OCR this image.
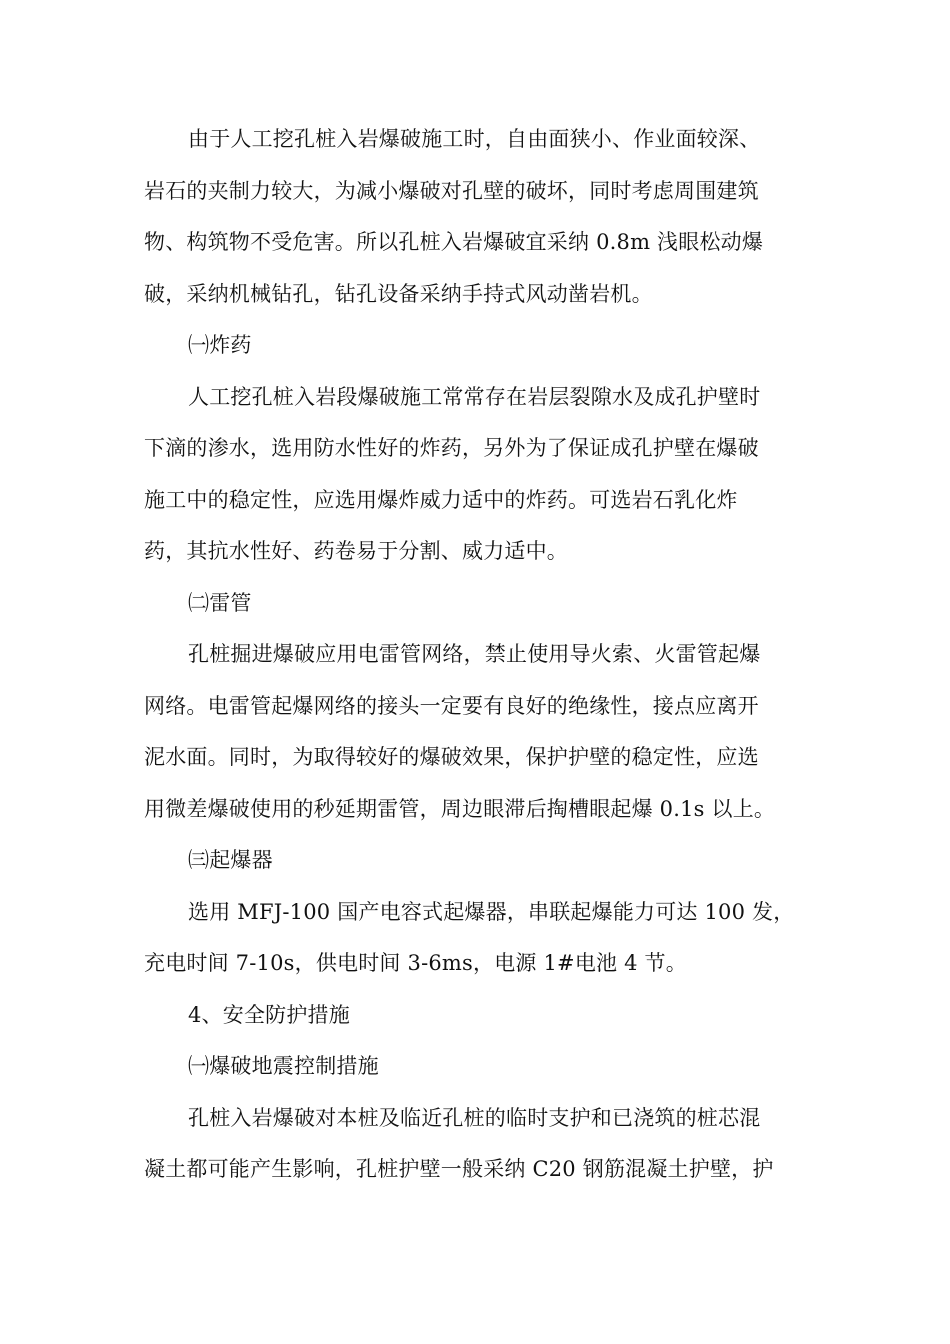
由于人工挖孔桩入岩爆破施工时，自由面狭小、作业面较深、
岩石的夹制力较大，为减小爆破对孔壁的破坏，同时考虑周围建筑
物、构筑物不受危害。所以孔桩入岩爆破宜采纳 0.8m 浅眼松动爆
破，采纳机械钻孔，钻孔设备采纳手持式风动凿岩机。
㈠炸药
人工挖孔桩入岩段爆破施工常常存在岩层裂隙水及成孔护壁时
下滴的渗水，选用防水性好的炸药，另外为了保证成孔护壁在爆破
施工中的稳定性，应选用爆炸威力适中的炸药。可选岩石乳化炸
药，其抗水性好、药卷易于分割、威力适中。
㈡雷管
孔桩掘进爆破应用电雷管网络，禁止使用导火索、火雷管起爆
网络。电雷管起爆网络的接头一定要有良好的绝缘性，接点应离开
泥水面。同时，为取得较好的爆破效果，保护护壁的稳定性，应选
用微差爆破使用的秒延期雷管，周边眼滞后掏槽眼起爆 0.1s 以上。
㈢起爆器
选用 MFJ-100 国产电容式起爆器，串联起爆能力可达 100 发，
充电时间 7-10s，供电时间 3-6ms，电源 1#电池 4 节。
4、安全防护措施
㈠爆破地震控制措施
孔桩入岩爆破对本桩及临近孔桩的临时支护和已浇筑的桩芯混
凝土都可能产生影响，孔桩护壁一般采纳 C20 钢筋混凝土护壁，护
